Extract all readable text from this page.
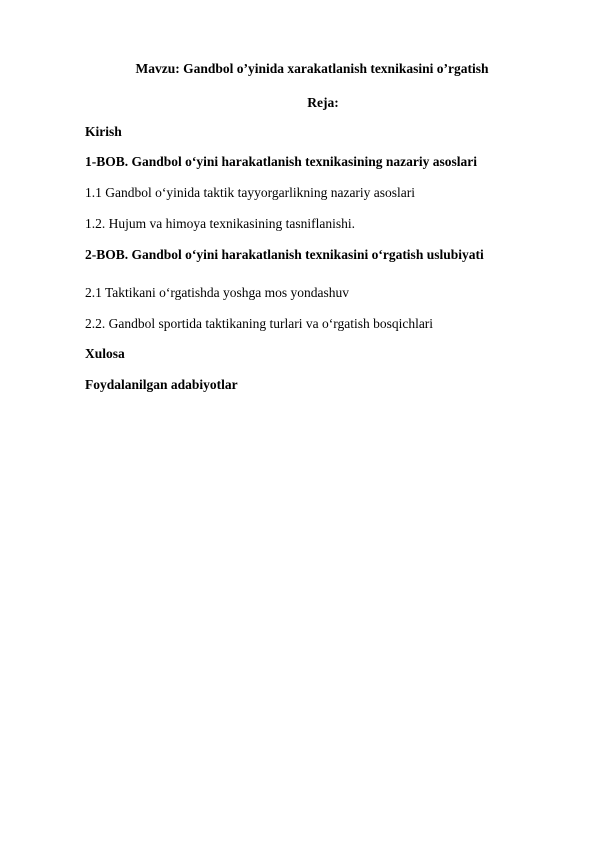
Mavzu: Gandbol o’yinida xarakatlanish texnikasini o’rgatish
Reja:
Kirish
1-BOB. Gandbol oʻyini harakatlanish texnikasining nazariy asoslari
1.1 Gandbol oʻyinida taktik tayyorgarlikning nazariy asoslari
1.2. Hujum va himoya texnikasining tasniflanishi.
2-BOB. Gandbol oʻyini harakatlanish texnikasini oʻrgatish uslubiyati
2.1 Taktikani oʻrgatishda yoshga mos yondashuv
2.2. Gandbol sportida taktikaning turlari va oʻrgatish bosqichlari
Xulosa
Foydalanilgan adabiyotlar
